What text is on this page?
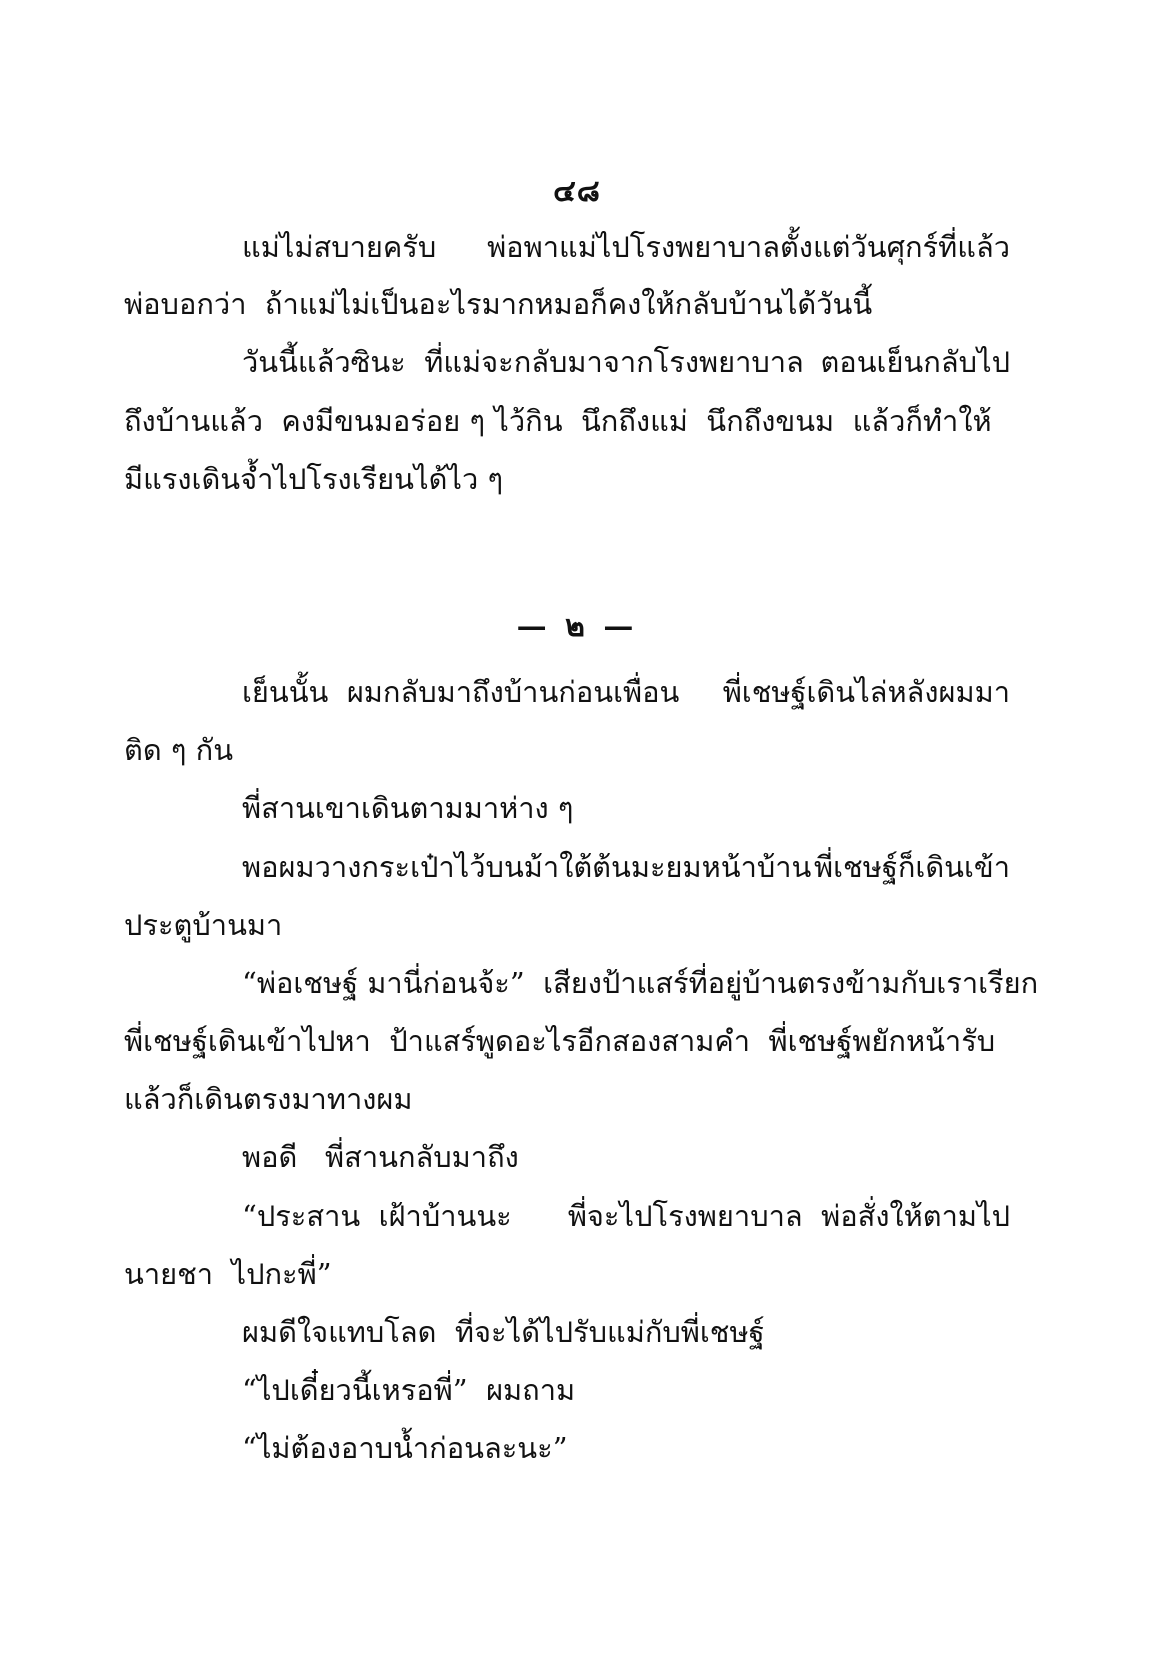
๔๘
แม่ไม่สบายครับ พ่อพาแม่ไปโรงพยาบาลตั้งแต่วันศุกร์ที่แล้ว
พ่อบอกว่า  ถ้าแม่ไม่เป็นอะไรมากหมอก็คงให้กลับบ้านได้วันนี้
วันนี้แล้วซินะ  ที่แม่จะกลับมาจากโรงพยาบาล ตอนเย็นกลับไป
ถึงบ้านแล้ว  คงมีขนมอร่อย ๆ ไว้กิน  นึกถึงแม่  นึกถึงขนม  แล้วก็ทำให้
มีแรงเดินจ้ำไปโรงเรียนได้ไว ๆ
— ๒ —
เย็นนั้น  ผมกลับมาถึงบ้านก่อนเพื่อน พี่เชษฐ์เดินไล่หลังผมมา
ติด ๆ กัน
พี่สานเขาเดินตามมาห่าง ๆ
พอผมวางกระเป๋าไว้บนม้าใต้ต้นมะยมหน้าบ้าน พี่เชษฐ์ก็เดินเข้า
ประตูบ้านมา
“พ่อเชษฐ์ มานี่ก่อนจ้ะ”  เสียงป้าแสร์ที่อยู่บ้านตรงข้ามกับเราเรียก
พี่เชษฐ์เดินเข้าไปหา  ป้าแสร์พูดอะไรอีกสองสามคำ  พี่เชษฐ์พยักหน้ารับ
แล้วก็เดินตรงมาทางผม
พอดี   พี่สานกลับมาถึง
“ประสาน  เฝ้าบ้านนะ พี่จะไปโรงพยาบาล  พ่อสั่งให้ตามไป
นายชา  ไปกะพี่”
ผมดีใจแทบโลด  ที่จะได้ไปรับแม่กับพี่เชษฐ์
“ไปเดี๋ยวนี้เหรอพี่”  ผมถาม
“ไม่ต้องอาบน้ำก่อนละนะ”
